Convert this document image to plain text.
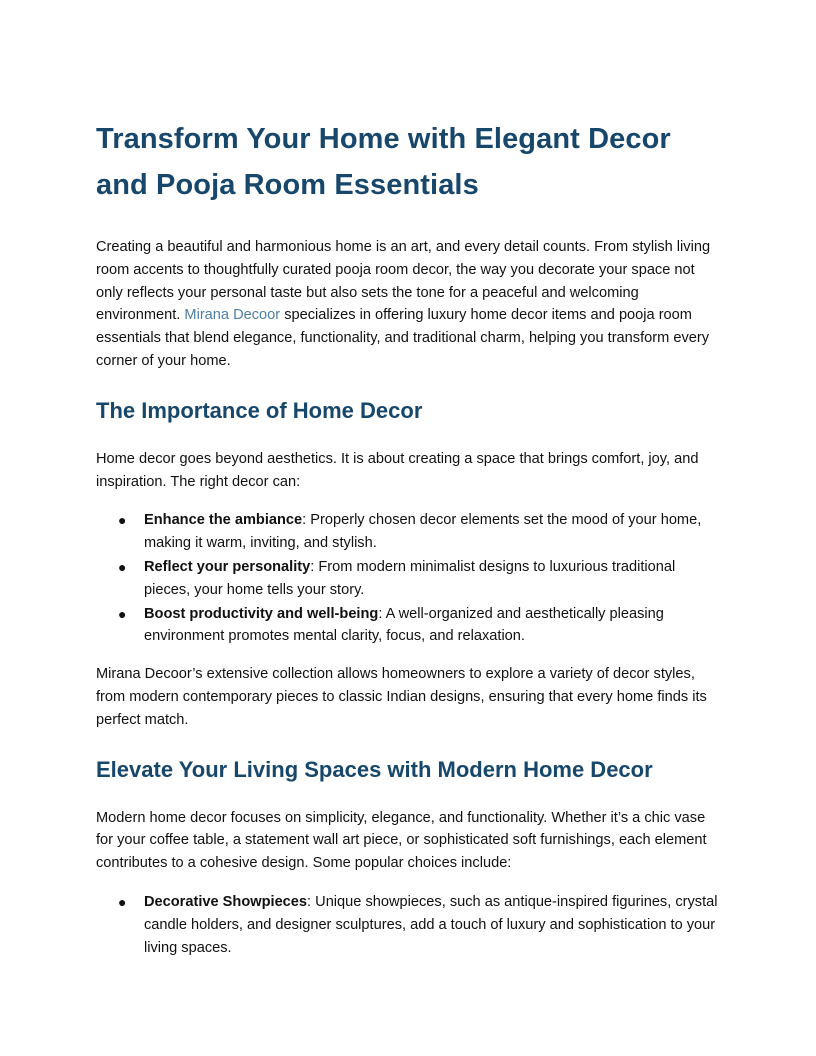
Transform Your Home with Elegant Decor and Pooja Room Essentials

Creating a beautiful and harmonious home is an art, and every detail counts. From stylish living room accents to thoughtfully curated pooja room decor, the way you decorate your space not only reflects your personal taste but also sets the tone for a peaceful and welcoming environment. Mirana Decoor specializes in offering luxury home decor items and pooja room essentials that blend elegance, functionality, and traditional charm, helping you transform every corner of your home.

The Importance of Home Decor

Home decor goes beyond aesthetics. It is about creating a space that brings comfort, joy, and inspiration. The right decor can:

● Enhance the ambiance: Properly chosen decor elements set the mood of your home, making it warm, inviting, and stylish.
● Reflect your personality: From modern minimalist designs to luxurious traditional pieces, your home tells your story.
● Boost productivity and well-being: A well-organized and aesthetically pleasing environment promotes mental clarity, focus, and relaxation.

Mirana Decoor’s extensive collection allows homeowners to explore a variety of decor styles, from modern contemporary pieces to classic Indian designs, ensuring that every home finds its perfect match.

Elevate Your Living Spaces with Modern Home Decor

Modern home decor focuses on simplicity, elegance, and functionality. Whether it’s a chic vase for your coffee table, a statement wall art piece, or sophisticated soft furnishings, each element contributes to a cohesive design. Some popular choices include:

● Decorative Showpieces: Unique showpieces, such as antique-inspired figurines, crystal candle holders, and designer sculptures, add a touch of luxury and sophistication to your living spaces.
